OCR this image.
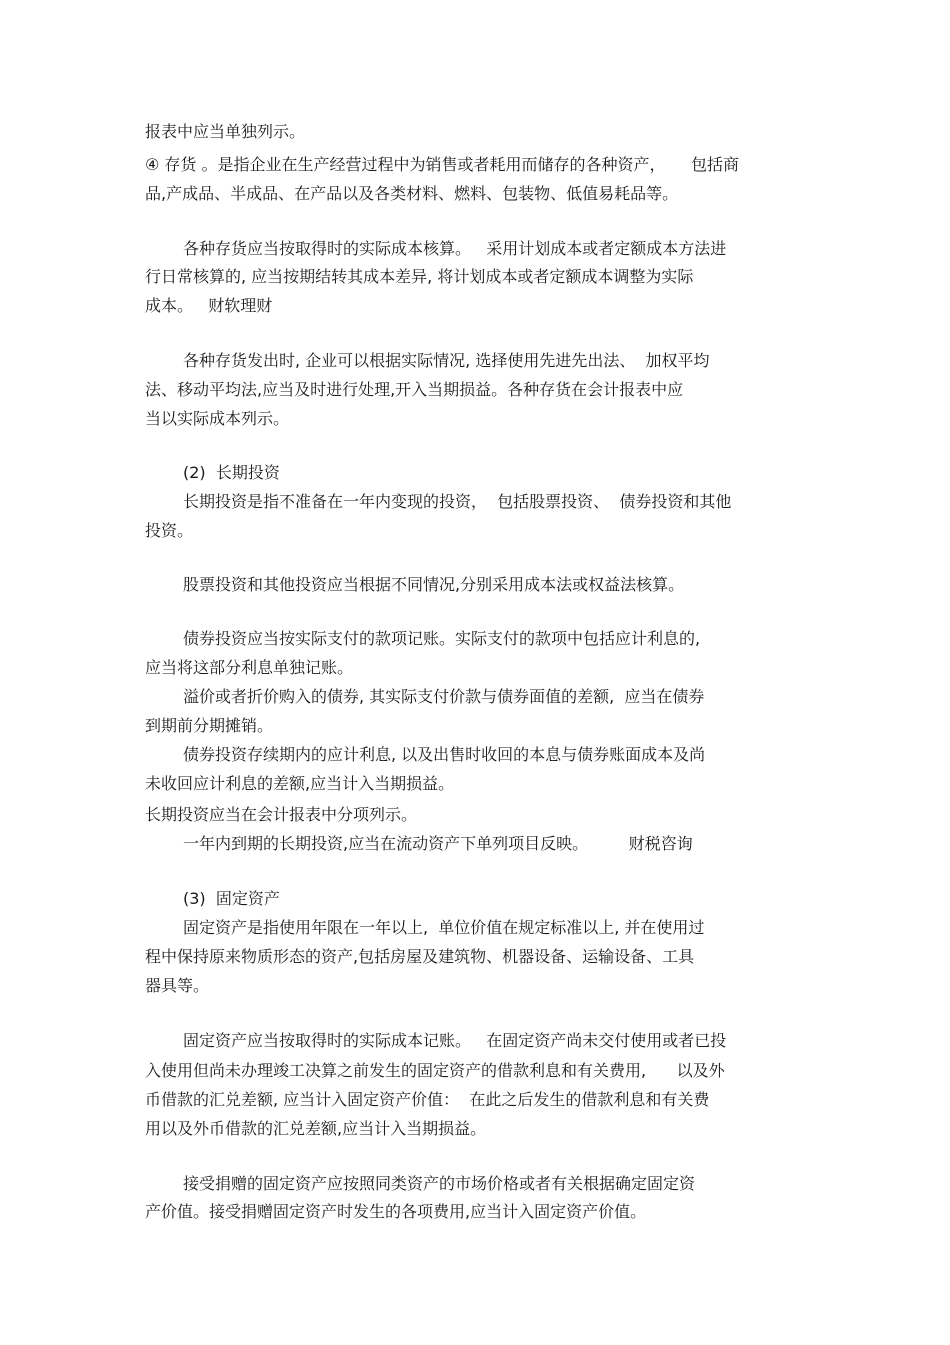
报表中应当单独列示。
④ 存货 。是指企业在生产经营过程中为销售或者耗用而储存的各种资产，     包括商
品,产成品、半成品、在产品以及各类材料、燃料、包装物、低值易耗品等。
各种存货应当按取得时的实际成本核算。   采用计划成本或者定额成本方法进
行日常核算的, 应当按期结转其成本差异, 将计划成本或者定额成本调整为实际
成本。   财软理财
各种存货发出时, 企业可以根据实际情况, 选择使用先进先出法、  加权平均
法、移动平均法,应当及时进行处理,开入当期损益。各种存货在会计报表中应
当以实际成本列示。
(2)  长期投资
长期投资是指不准备在一年内变现的投资，  包括股票投资、  债券投资和其他
投资。
股票投资和其他投资应当根据不同情况,分别采用成本法或权益法核算。
债券投资应当按实际支付的款项记账。实际支付的款项中包括应计利息的,
应当将这部分利息单独记账。
溢价或者折价购入的债券, 其实际支付价款与债券面值的差额,  应当在债券
到期前分期摊销。
债券投资存续期内的应计利息, 以及出售时收回的本息与债券账面成本及尚
未收回应计利息的差额,应当计入当期损益。
长期投资应当在会计报表中分项列示。
一年内到期的长期投资,应当在流动资产下单列项目反映。        财税咨询
(3)  固定资产
固定资产是指使用年限在一年以上,  单位价值在规定标准以上, 并在使用过
程中保持原来物质形态的资产,包括房屋及建筑物、机器设备、运输设备、工具
器具等。
固定资产应当按取得时的实际成本记账。   在固定资产尚未交付使用或者已投
入使用但尚未办理竣工决算之前发生的固定资产的借款利息和有关费用,      以及外
币借款的汇兑差额, 应当计入固定资产价值：  在此之后发生的借款利息和有关费
用以及外币借款的汇兑差额,应当计入当期损益。
接受捐赠的固定资产应按照同类资产的市场价格或者有关根据确定固定资
产价值。接受捐赠固定资产时发生的各项费用,应当计入固定资产价值。
